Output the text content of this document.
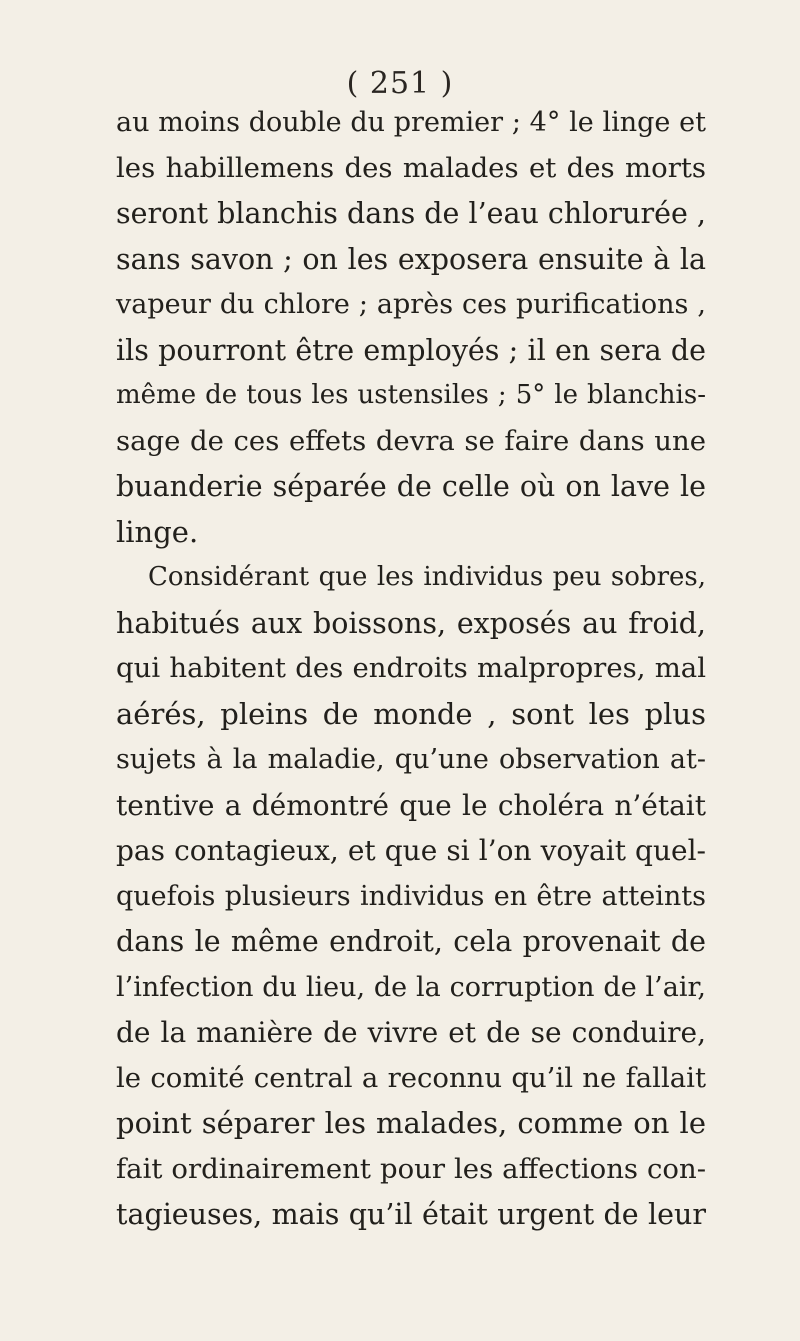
( 251 )
au moins double du premier ; 4° le linge et
les habillemens des malades et des morts
seront blanchis dans de l’eau chlorurée ,
sans savon ; on les exposera ensuite à la
vapeur du chlore ; après ces purifications ,
ils pourront être employés ; il en sera de
même de tous les ustensiles ; 5° le blanchis-
sage de ces effets devra se faire dans une
buanderie séparée de celle où on lave le
linge.
Considérant que les individus peu sobres,
habitués aux boissons, exposés au froid,
qui habitent des endroits malpropres, mal
aérés, pleins de monde , sont les plus
sujets à la maladie, qu’une observation at-
tentive a démontré que le choléra n’était
pas contagieux, et que si l’on voyait quel-
quefois plusieurs individus en être atteints
dans le même endroit, cela provenait de
l’infection du lieu, de la corruption de l’air,
de la manière de vivre et de se conduire,
le comité central a reconnu qu’il ne fallait
point séparer les malades, comme on le
fait ordinairement pour les affections con-
tagieuses, mais qu’il était urgent de leur
